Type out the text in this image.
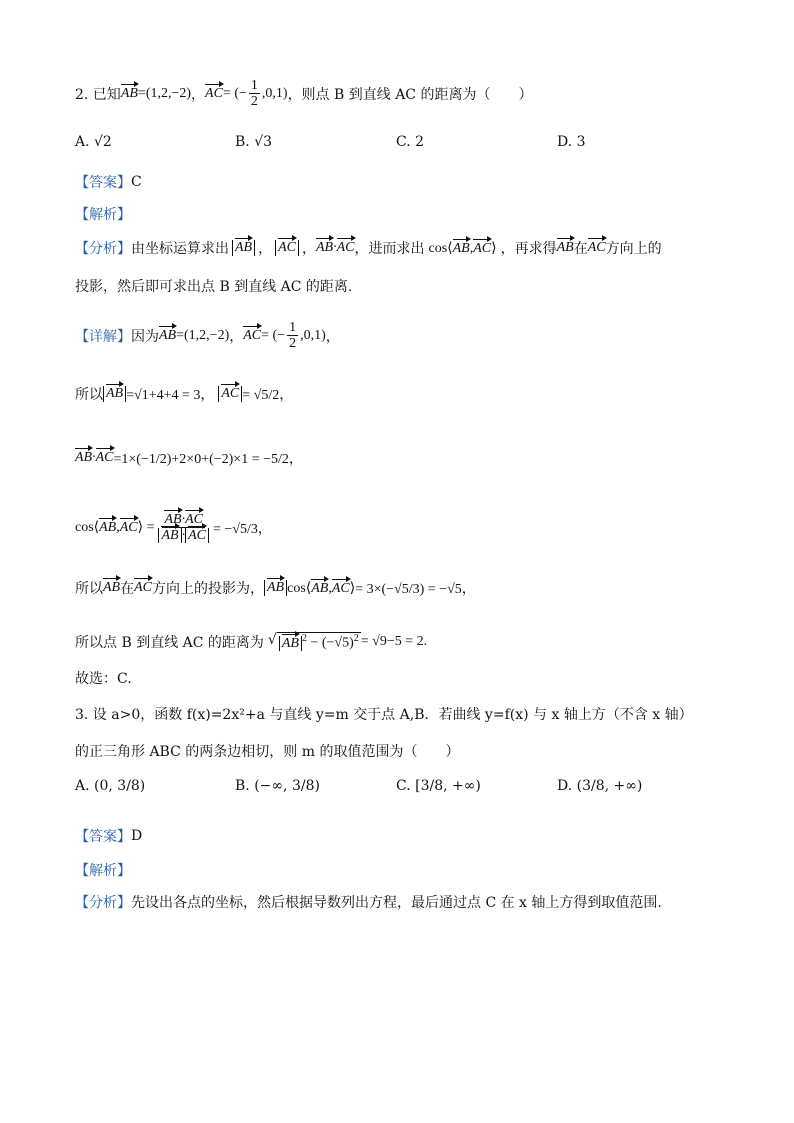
2. 已知 AB =(1,2,−2) ， AC = (− $\frac{1}{2} ,0,1$) ，则点 B 到直线 AC 的距离为（　　）
A. √2	B. √3	C. 2	D. 3
【答案】 C
【解析】
【分析】 由坐标运算求出 AB ， AC ， AB·AC ，进而求出 cos⟨AB,AC⟩ ，再求得 AB 在 AC 方向上的
投影，然后即可求出点 B 到直线 AC 的距离.
【详解】 因为 AB =(1,2,−2) ， AC = (− $\frac{1}{2} ,0,1$) ，
所以 AB =√1+4+4 = 3， AC = √5/2，
AB·AC =1×(−1/2)+2×0+(−2)×1 = −5/2，
cos⟨AB,AC⟩ = $\frac{AB\cdot AC}{AB \cdot AC} = -√5/3$，
所以 AB 在 AC 方向上的投影为， AB cos⟨AB,AC⟩ = 3×(−√5/3) = −√5，
所以点 B 到直线 AC 的距离为 √ AB $^2 - (-√5)^2 = √9-5 = 2$.
故选：C.
3. 设 a>0，函数 f(x)=2x²+a 与直线 y=m 交于点 A,B．若曲线 y=f(x) 与 x 轴上方（不含 x 轴）
的正三角形 ABC 的两条边相切，则 m 的取值范围为（　　）
A. (0, 3/8)	B. (−∞, 3/8)	C. [3/8, +∞)	D. (3/8, +∞)
【答案】 D
【解析】
【分析】 先设出各点的坐标，然后根据导数列出方程，最后通过点 C 在 x 轴上方得到取值范围.
